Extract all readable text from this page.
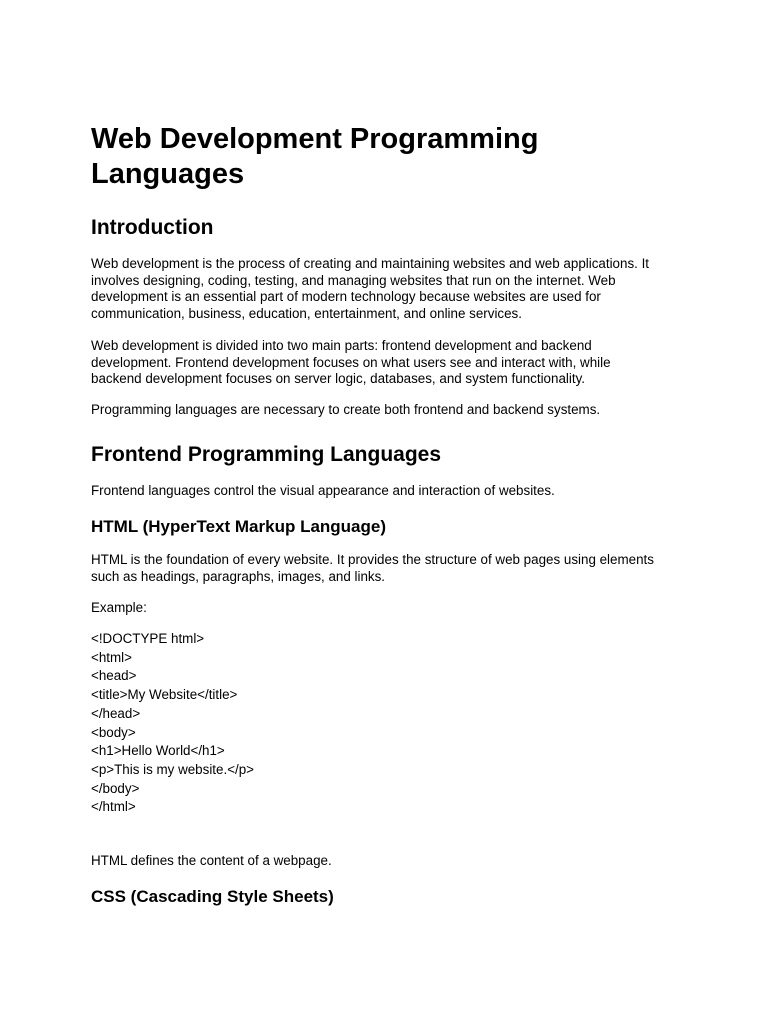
Web Development Programming
Languages
Introduction

Web development is the process of creating and maintaining websites and web applications. It
involves designing, coding, testing, and managing websites that run on the internet. Web
development is an essential part of modern technology because websites are used for
communication, business, education, entertainment, and online services.

Web development is divided into two main parts: frontend development and backend
development. Frontend development focuses on what users see and interact with, while
backend development focuses on server logic, databases, and system functionality.

Programming languages are necessary to create both frontend and backend systems.

Frontend Programming Languages

Frontend languages control the visual appearance and interaction of websites.

HTML (HyperText Markup Language)

HTML is the foundation of every website. It provides the structure of web pages using elements
such as headings, paragraphs, images, and links.

Example:

<!DOCTYPE html>
<html>
<head>
<title>My Website</title>
</head>
<body>
<h1>Hello World</h1>
<p>This is my website.</p>
</body>
</html>

HTML defines the content of a webpage.

CSS (Cascading Style Sheets)
